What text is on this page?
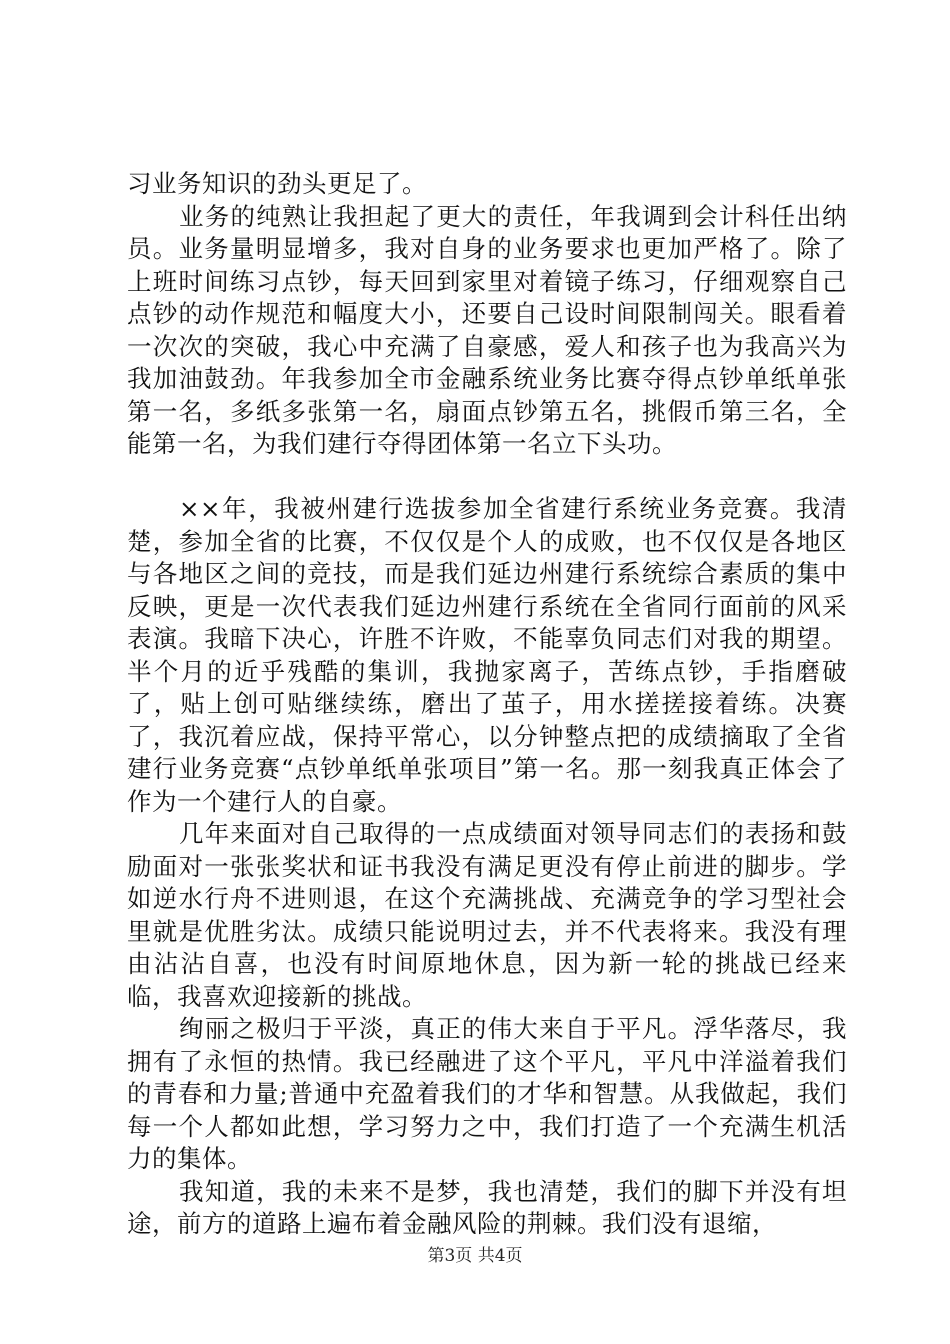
习业务知识的劲头更足了。

业务的纯熟让我担起了更大的责任，年我调到会计科任出纳员。业务量明显增多，我对自身的业务要求也更加严格了。除了上班时间练习点钞，每天回到家里对着镜子练习，仔细观察自己点钞的动作规范和幅度大小，还要自己设时间限制闯关。眼看着一次次的突破，我心中充满了自豪感，爱人和孩子也为我高兴为我加油鼓劲。年我参加全市金融系统业务比赛夺得点钞单纸单张第一名，多纸多张第一名，扇面点钞第五名，挑假币第三名，全能第一名，为我们建行夺得团体第一名立下头功。

××年，我被州建行选拔参加全省建行系统业务竞赛。我清楚，参加全省的比赛，不仅仅是个人的成败，也不仅仅是各地区与各地区之间的竞技，而是我们延边州建行系统综合素质的集中反映，更是一次代表我们延边州建行系统在全省同行面前的风采表演。我暗下决心，许胜不许败，不能辜负同志们对我的期望。半个月的近乎残酷的集训，我抛家离子，苦练点钞，手指磨破了，贴上创可贴继续练，磨出了茧子，用水搓搓接着练。决赛了，我沉着应战，保持平常心，以分钟整点把的成绩摘取了全省建行业务竞赛“点钞单纸单张项目”第一名。那一刻我真正体会了作为一个建行人的自豪。

几年来面对自己取得的一点成绩面对领导同志们的表扬和鼓励面对一张张奖状和证书我没有满足更没有停止前进的脚步。学如逆水行舟不进则退，在这个充满挑战、充满竞争的学习型社会里就是优胜劣汰。成绩只能说明过去，并不代表将来。我没有理由沾沾自喜，也没有时间原地休息，因为新一轮的挑战已经来临，我喜欢迎接新的挑战。

绚丽之极归于平淡，真正的伟大来自于平凡。浮华落尽，我拥有了永恒的热情。我已经融进了这个平凡，平凡中洋溢着我们的青春和力量;普通中充盈着我们的才华和智慧。从我做起，我们每一个人都如此想，学习努力之中，我们打造了一个充满生机活力的集体。

我知道，我的未来不是梦，我也清楚，我们的脚下并没有坦途，前方的道路上遍布着金融风险的荆棘。我们没有退缩，

第3页 共4页
